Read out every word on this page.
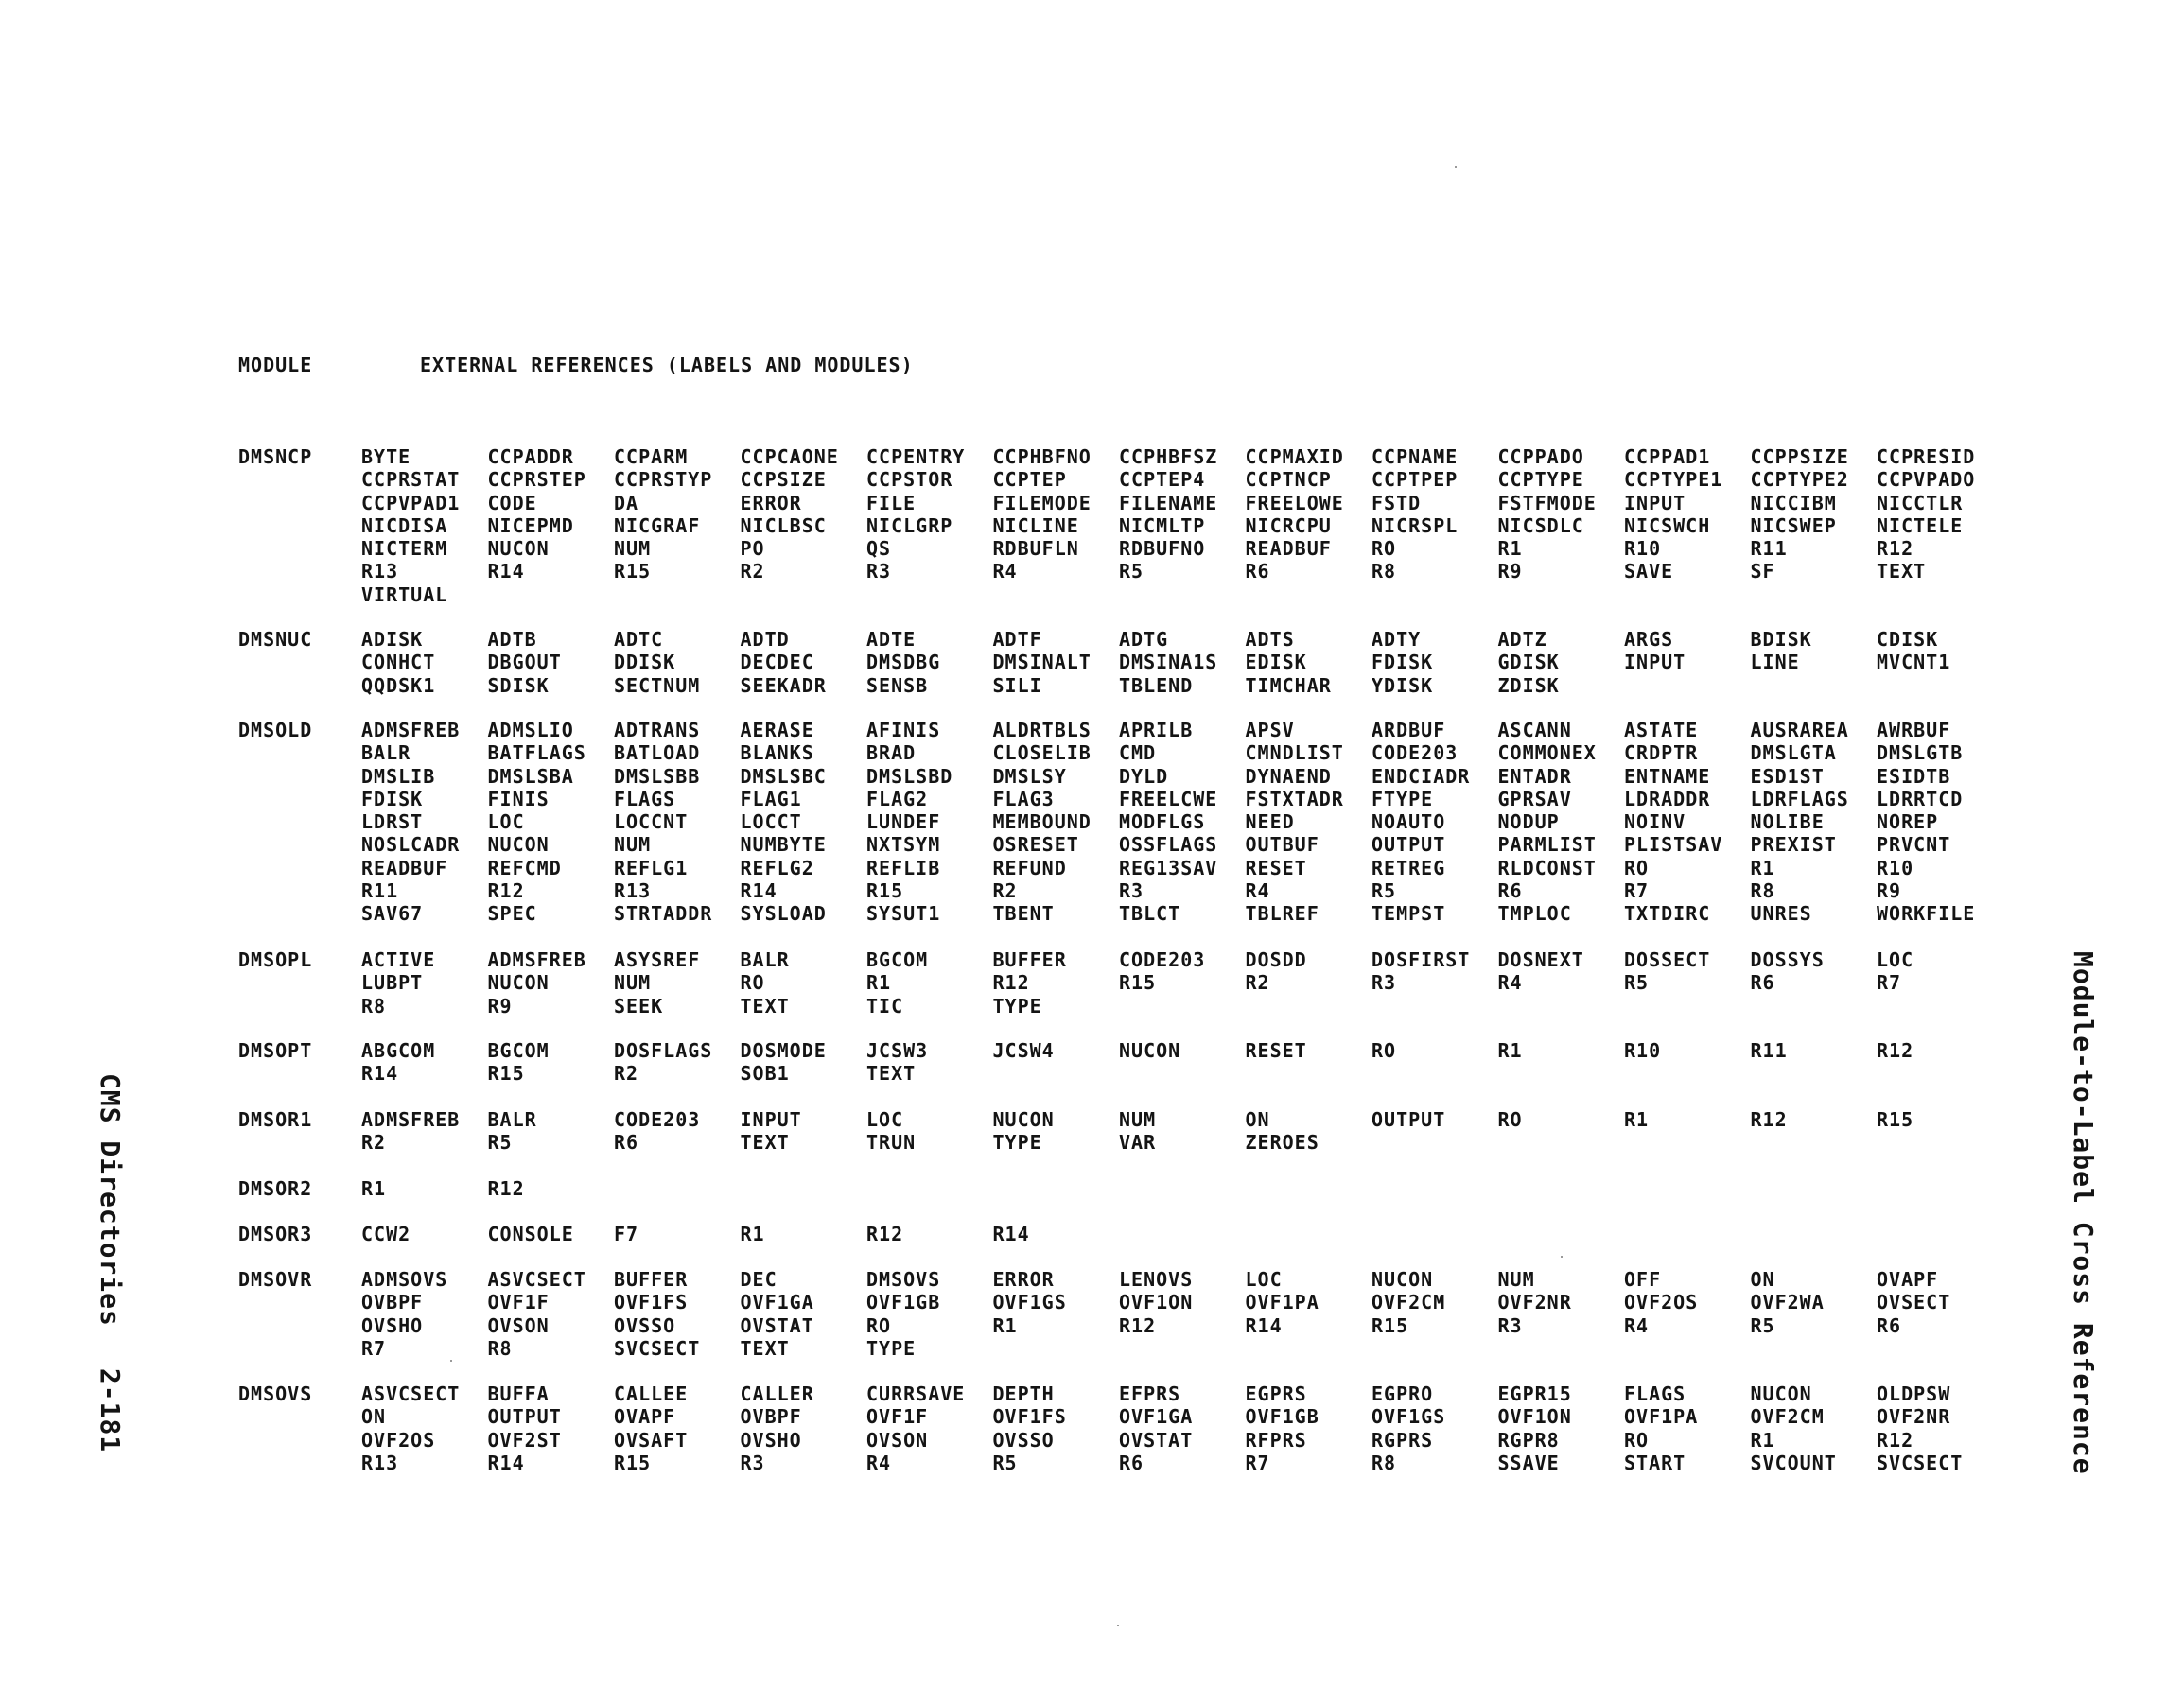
MODULE	EXTERNAL REFERENCES (LABELS AND MODULES)
DMSNCP	BYTE	CCPADDR	CCPARM	CCPCAONE	CCPENTRY	CCPHBFNO	CCPHBFSZ	CCPMAXID	CCPNAME	CCPPADO	CCPPAD1	CCPPSIZE	CCPRESID
CCPRSTAT	CCPRSTEP	CCPRSTYP	CCPSIZE	CCPSTOR	CCPTEP	CCPTEP4	CCPTNCP	CCPTPEP	CCPTYPE	CCPTYPE1	CCPTYPE2	CCPVPADO
CCPVPAD1	CODE	DA	ERROR	FILE	FILEMODE	FILENAME	FREELOWE	FSTD	FSTFMODE	INPUT	NICCIBM	NICCTLR
NICDISA	NICEPMD	NICGRAF	NICLBSC	NICLGRP	NICLINE	NICMLTP	NICRCPU	NICRSPL	NICSDLC	NICSWCH	NICSWEP	NICTELE
NICTERM	NUCON	NUM	PO	QS	RDBUFLN	RDBUFNO	READBUF	RO	R1	R10	R11	R12
R13	R14	R15	R2	R3	R4	R5	R6	R8	R9	SAVE	SF	TEXT
VIRTUAL
DMSNUC	ADISK	ADTB	ADTC	ADTD	ADTE	ADTF	ADTG	ADTS	ADTY	ADTZ	ARGS	BDISK	CDISK
CONHCT	DBGOUT	DDISK	DECDEC	DMSDBG	DMSINALT	DMSINA1S	EDISK	FDISK	GDISK	INPUT	LINE	MVCNT1
QQDSK1	SDISK	SECTNUM	SEEKADR	SENSB	SILI	TBLEND	TIMCHAR	YDISK	ZDISK
DMSOLD	ADMSFREB	ADMSLIO	ADTRANS	AERASE	AFINIS	ALDRTBLS	APRILB	APSV	ARDBUF	ASCANN	ASTATE	AUSRAREA	AWRBUF
BALR	BATFLAGS	BATLOAD	BLANKS	BRAD	CLOSELIB	CMD	CMNDLIST	CODE203	COMMONEX	CRDPTR	DMSLGTA	DMSLGTB
DMSLIB	DMSLSBA	DMSLSBB	DMSLSBC	DMSLSBD	DMSLSY	DYLD	DYNAEND	ENDCIADR	ENTADR	ENTNAME	ESD1ST	ESIDTB
FDISK	FINIS	FLAGS	FLAG1	FLAG2	FLAG3	FREELCWE	FSTXTADR	FTYPE	GPRSAV	LDRADDR	LDRFLAGS	LDRRTCD
LDRST	LOC	LOCCNT	LOCCT	LUNDEF	MEMBOUND	MODFLGS	NEED	NOAUTO	NODUP	NOINV	NOLIBE	NOREP
NOSLCADR	NUCON	NUM	NUMBYTE	NXTSYM	OSRESET	OSSFLAGS	OUTBUF	OUTPUT	PARMLIST	PLISTSAV	PREXIST	PRVCNT
READBUF	REFCMD	REFLG1	REFLG2	REFLIB	REFUND	REG13SAV	RESET	RETREG	RLDCONST	RO	R1	R10
R11	R12	R13	R14	R15	R2	R3	R4	R5	R6	R7	R8	R9
SAV67	SPEC	STRTADDR	SYSLOAD	SYSUT1	TBENT	TBLCT	TBLREF	TEMPST	TMPLOC	TXTDIRC	UNRES	WORKFILE
DMSOPL	ACTIVE	ADMSFREB	ASYSREF	BALR	BGCOM	BUFFER	CODE203	DOSDD	DOSFIRST	DOSNEXT	DOSSECT	DOSSYS	LOC
LUBPT	NUCON	NUM	RO	R1	R12	R15	R2	R3	R4	R5	R6	R7
R8	R9	SEEK	TEXT	TIC	TYPE
DMSOPT	ABGCOM	BGCOM	DOSFLAGS	DOSMODE	JCSW3	JCSW4	NUCON	RESET	RO	R1	R10	R11	R12
R14	R15	R2	SOB1	TEXT
DMSOR1	ADMSFREB	BALR	CODE203	INPUT	LOC	NUCON	NUM	ON	OUTPUT	RO	R1	R12	R15
R2	R5	R6	TEXT	TRUN	TYPE	VAR	ZEROES
DMSOR2	R1	R12
DMSOR3	CCW2	CONSOLE	F7	R1	R12	R14
DMSOVR	ADMSOVS	ASVCSECT	BUFFER	DEC	DMSOVS	ERROR	LENOVS	LOC	NUCON	NUM	OFF	ON	OVAPF
OVBPF	OVF1F	OVF1FS	OVF1GA	OVF1GB	OVF1GS	OVF1ON	OVF1PA	OVF2CM	OVF2NR	OVF2OS	OVF2WA	OVSECT
OVSHO	OVSON	OVSSO	OVSTAT	RO	R1	R12	R14	R15	R3	R4	R5	R6
R7	R8	SVCSECT	TEXT	TYPE
DMSOVS	ASVCSECT	BUFFA	CALLEE	CALLER	CURRSAVE	DEPTH	EFPRS	EGPRS	EGPRO	EGPR15	FLAGS	NUCON	OLDPSW
ON	OUTPUT	OVAPF	OVBPF	OVF1F	OVF1FS	OVF1GA	OVF1GB	OVF1GS	OVF1ON	OVF1PA	OVF2CM	OVF2NR
OVF2OS	OVF2ST	OVSAFT	OVSHO	OVSON	OVSSO	OVSTAT	RFPRS	RGPRS	RGPR8	RO	R1	R12
R13	R14	R15	R3	R4	R5	R6	R7	R8	SSAVE	START	SVCOUNT	SVCSECT
CMS Directories2-181	Module-to-Label Cross Reference
